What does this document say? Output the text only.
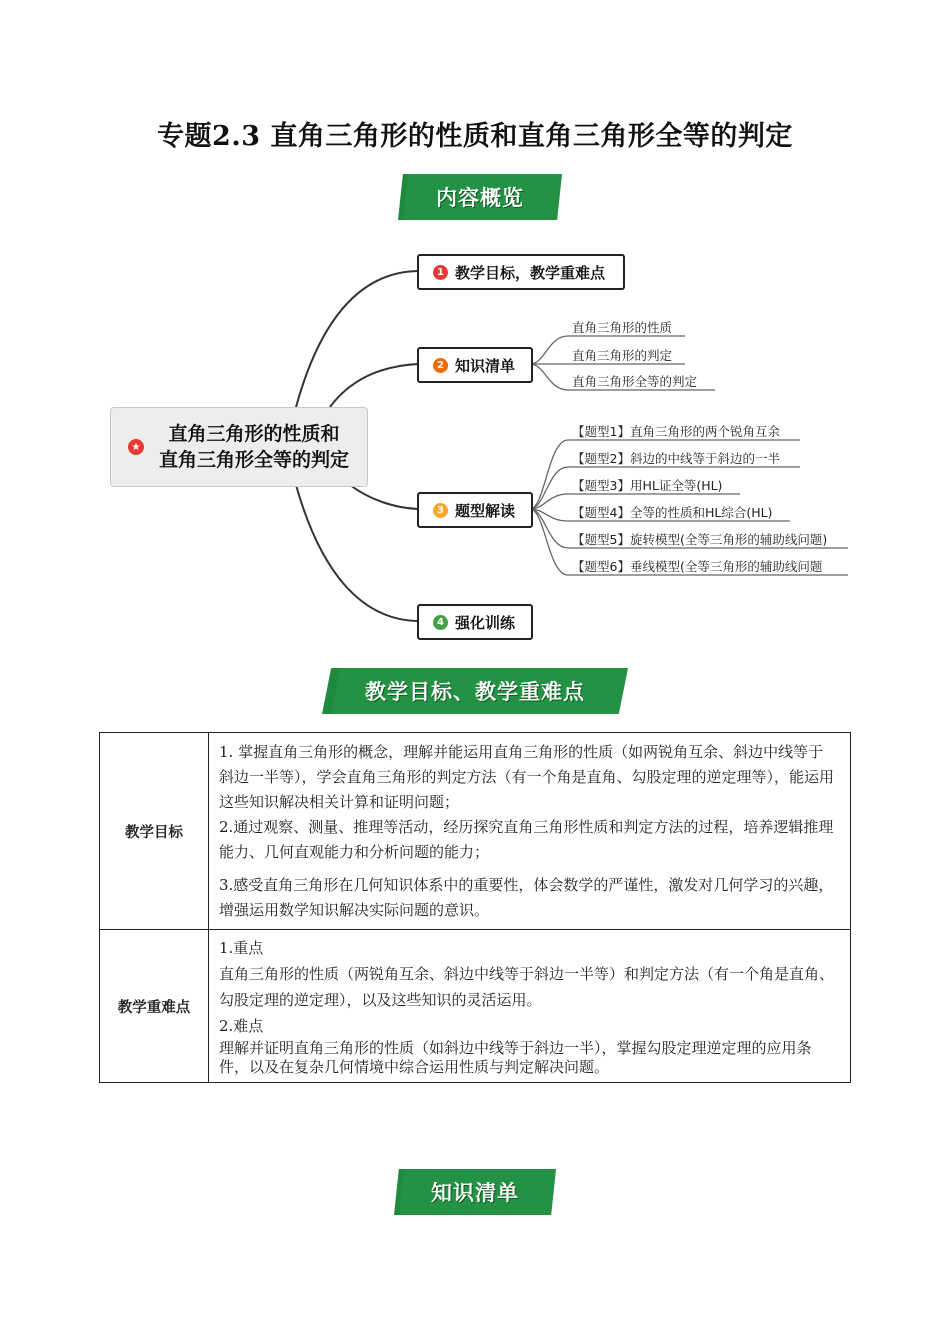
专题2.3 直角三角形的性质和直角三角形全等的判定
内容概览
★
直角三角形的性质和
直角三角形全等的判定
1 教学目标，教学重难点
2 知识清单
3 题型解读
4 强化训练
直角三角形的性质
直角三角形的判定
直角三角形全等的判定
【题型1】直角三角形的两个锐角互余
【题型2】斜边的中线等于斜边的一半
【题型3】用HL证全等(HL)
【题型4】全等的性质和HL综合(HL)
【题型5】旋转模型(全等三角形的辅助线问题)
【题型6】垂线模型(全等三角形的辅助线问题
教学目标、教学重难点
教学目标	1. 掌握直角三角形的概念，理解并能运用直角三角形的性质（如两锐角互余、斜边中线等于斜边一半等），学会直角三角形的判定方法（有一个角是直角、勾股定理的逆定理等），能运用这些知识解决相关计算和证明问题；

2.通过观察、测量、推理等活动，经历探究直角三角形性质和判定方法的过程，培养逻辑推理能力、几何直观能力和分析问题的能力；

3.感受直角三角形在几何知识体系中的重要性，体会数学的严谨性，激发对几何学习的兴趣，增强运用数学知识解决实际问题的意识。

教学重难点	1.重点

直角三角形的性质（两锐角互余、斜边中线等于斜边一半等）和判定方法（有一个角是直角、勾股定理的逆定理），以及这些知识的灵活运用。

2.难点

理解并证明直角三角形的性质（如斜边中线等于斜边一半），掌握勾股定理逆定理的应用条件，以及在复杂几何情境中综合运用性质与判定解决问题。

知识清单
